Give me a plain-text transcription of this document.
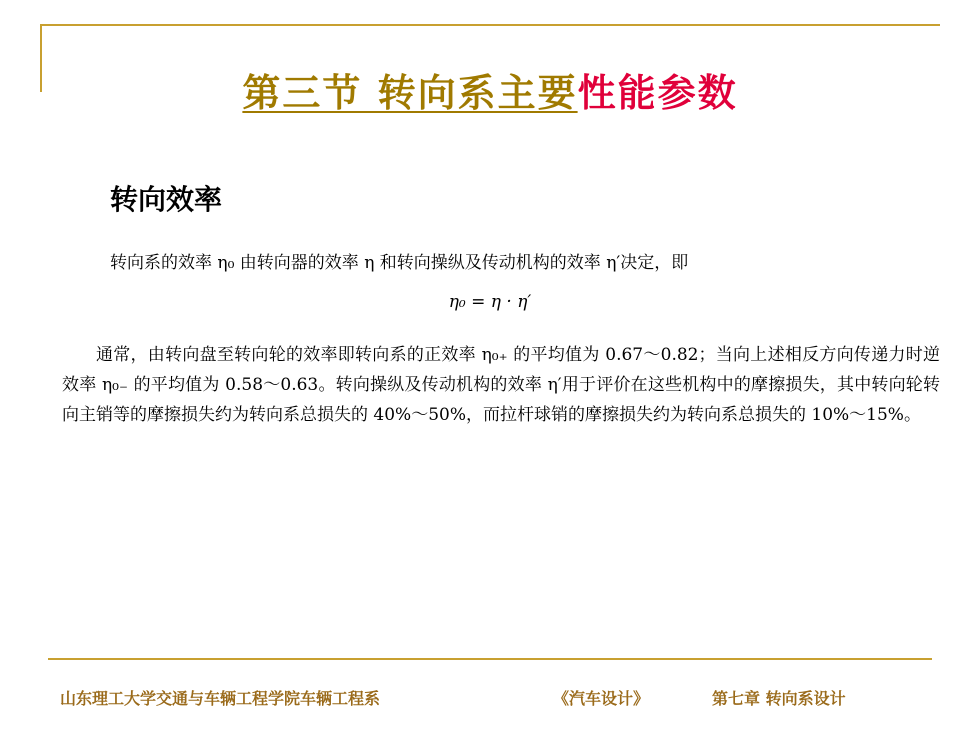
第三节 转向系主要性能参数
转向效率
转向系的效率 η₀ 由转向器的效率 η 和转向操纵及传动机构的效率 η′决定，即
η₀ = η · η′
通常，由转向盘至转向轮的效率即转向系的正效率 η₀₊ 的平均值为 0.67～0.82；当向上述相反方向传递力时逆效率 η₀₋ 的平均值为 0.58～0.63。转向操纵及传动机构的效率 η′用于评价在这些机构中的摩擦损失，其中转向轮转向主销等的摩擦损失约为转向系总损失的 40%～50%，而拉杆球销的摩擦损失约为转向系总损失的 10%～15%。
山东理工大学交通与车辆工程学院车辆工程系	《汽车设计》	第七章 转向系设计
